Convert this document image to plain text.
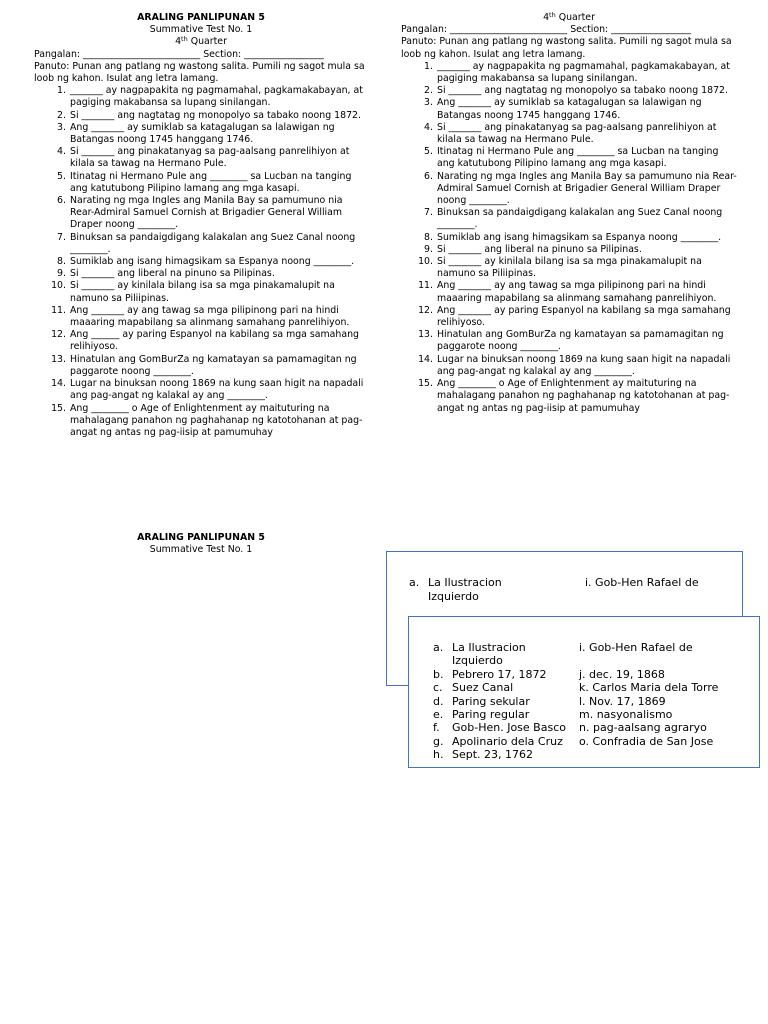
ARALING PANLIPUNAN 5
Summative Test No. 1
4th Quarter
Pangalan: _________________________ Section: _________________
Panuto: Punan ang patlang ng wastong salita. Pumili ng sagot mula sa loob ng kahon. Isulat ang letra lamang.
1. _______ ay nagpapakita ng pagmamahal, pagkamakabayan, at pagiging makabansa sa lupang sinilangan.
2. Si _______ ang nagtatag ng monopolyo sa tabako noong 1872.
3. Ang _______ ay sumiklab sa katagalugan sa lalawigan ng Batangas noong 1745 hanggang 1746.
4. Si _______ ang pinakatanyag sa pag-aalsang panrelihiyon at kilala sa tawag na Hermano Pule.
5. Itinatag ni Hermano Pule ang ________ sa Lucban na tanging ang katutubong Pilipino lamang ang mga kasapi.
6. Narating ng mga Ingles ang Manila Bay sa pamumuno nia Rear-Admiral Samuel Cornish at Brigadier General William Draper noong ________.
7. Binuksan sa pandaigdigang kalakalan ang Suez Canal noong ________.
8. Sumiklab ang isang himagsikam sa Espanya noong ________.
9. Si _______ ang liberal na pinuno sa Pilipinas.
10. Si _______ ay kinilala bilang isa sa mga pinakamalupit na namuno sa Piliipinas.
11. Ang _______ ay ang tawag sa mga pilipinong pari na hindi maaaring mapabilang sa alinmang samahang panrelihiyon.
12. Ang ______ ay paring Espanyol na kabilang sa mga samahang relihiyoso.
13. Hinatulan ang GomBurZa ng kamatayan sa pamamagitan ng paggarote noong ________.
14. Lugar na binuksan noong 1869 na kung saan higit na napadali ang pag-angat ng kalakal ay ang ________.
15. Ang ________ o Age of Enlightenment ay maituturing na mahalagang panahon ng paghahanap ng katotohanan at pag-angat ng antas ng pag-iisip at pamumuhay
4th Quarter
Pangalan: _________________________ Section: _________________
Panuto: Punan ang patlang ng wastong salita. Pumili ng sagot mula sa loob ng kahon. Isulat ang letra lamang.
1. _______ ay nagpapakita ng pagmamahal, pagkamakabayan, at pagiging makabansa sa lupang sinilangan.
2. Si _______ ang nagtatag ng monopolyo sa tabako noong 1872.
3. Ang _______ ay sumiklab sa katagalugan sa lalawigan ng Batangas noong 1745 hanggang 1746.
4. Si _______ ang pinakatanyag sa pag-aalsang panrelihiyon at kilala sa tawag na Hermano Pule.
5. Itinatag ni Hermano Pule ang ________ sa Lucban na tanging ang katutubong Pilipino lamang ang mga kasapi.
6. Narating ng mga Ingles ang Manila Bay sa pamumuno nia Rear-Admiral Samuel Cornish at Brigadier General William Draper noong ________.
7. Binuksan sa pandaigdigang kalakalan ang Suez Canal noong ________.
8. Sumiklab ang isang himagsikam sa Espanya noong ________.
9. Si _______ ang liberal na pinuno sa Pilipinas.
10. Si _______ ay kinilala bilang isa sa mga pinakamalupit na namuno sa Piliipinas.
11. Ang _______ ay ang tawag sa mga pilipinong pari na hindi maaaring mapabilang sa alinmang samahang panrelihiyon.
12. Ang _______ ay paring Espanyol na kabilang sa mga samahang relihiyoso.
13. Hinatulan ang GomBurZa ng kamatayan sa pamamagitan ng paggarote noong ________.
14. Lugar na binuksan noong 1869 na kung saan higit na napadali ang pag-angat ng kalakal ay ang ________.
15. Ang ________ o Age of Enlightenment ay maituturing na mahalagang panahon ng paghahanap ng katotohanan at pag-angat ng antas ng pag-iisip at pamumuhay
ARALING PANLIPUNAN 5
Summative Test No. 1
a. La Ilustracion	i. Gob-Hen Rafael de
Izquierdo
a. La Ilustracion	i. Gob-Hen Rafael de
Izquierdo
b. Pebrero 17, 1872	j. dec. 19, 1868
c. Suez Canal	k. Carlos Maria dela Torre
d. Paring sekular	l. Nov. 17, 1869
e. Paring regular	m. nasyonalismo
f.	Gob-Hen. Jose Basco	n. pag-aalsang agraryo
g. Apolinario dela Cruz	o. Confradia de San Jose
h. Sept. 23, 1762
